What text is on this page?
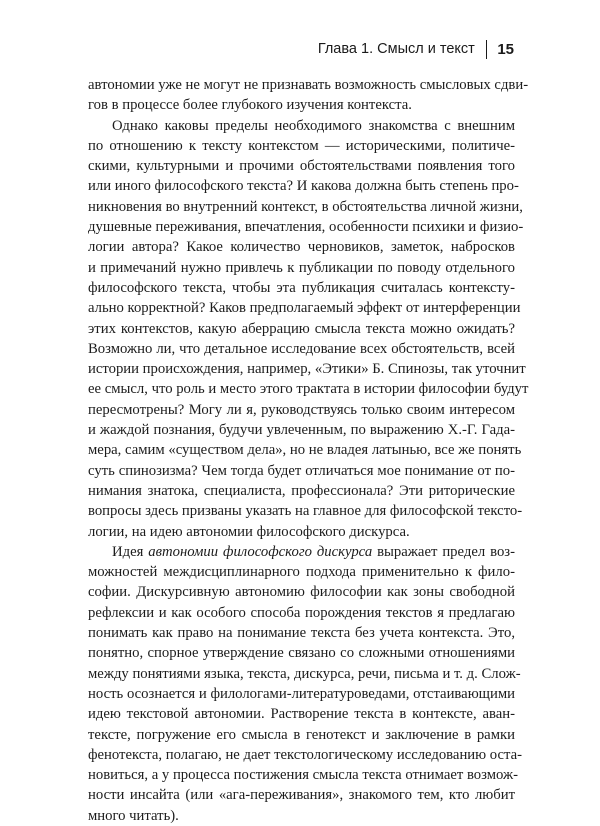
Глава 1. Смысл и текст 15

автономии уже не могут не признавать возможность смысловых сдви-
гов в процессе более глубокого изучения контекста.

Однако каковы пределы необходимого знакомства с внешним
по отношению к тексту контекстом — историческими, политиче-
скими, культурными и прочими обстоятельствами появления того
или иного философского текста? И какова должна быть степень про-
никновения во внутренний контекст, в обстоятельства личной жизни,
душевные переживания, впечатления, особенности психики и физио-
логии автора? Какое количество черновиков, заметок, набросков
и примечаний нужно привлечь к публикации по поводу отдельного
философского текста, чтобы эта публикация считалась контексту-
ально корректной? Каков предполагаемый эффект от интерференции
этих контекстов, какую аберрацию смысла текста можно ожидать?
Возможно ли, что детальное исследование всех обстоятельств, всей
истории происхождения, например, «Этики» Б. Спинозы, так уточнит
ее смысл, что роль и место этого трактата в истории философии будут
пересмотрены? Могу ли я, руководствуясь только своим интересом
и жаждой познания, будучи увлеченным, по выражению Х.-Г. Гада-
мера, самим «существом дела», но не владея латынью, все же понять
суть спинозизма? Чем тогда будет отличаться мое понимание от по-
нимания знатока, специалиста, профессионала? Эти риторические
вопросы здесь призваны указать на главное для философской тексто-
логии, на идею автономии философского дискурса.

Идея автономии философского дискурса выражает предел воз-
можностей междисциплинарного подхода применительно к фило-
софии. Дискурсивную автономию философии как зоны свободной
рефлексии и как особого способа порождения текстов я предлагаю
понимать как право на понимание текста без учета контекста. Это,
понятно, спорное утверждение связано со сложными отношениями
между понятиями языка, текста, дискурса, речи, письма и т. д. Слож-
ность осознается и филологами-литературоведами, отстаивающими
идею текстовой автономии. Растворение текста в контексте, аван-
текстe, погружение его смысла в генотекст и заключение в рамки
фенотекста, полагаю, не дает текстологическому исследованию оста-
новиться, а у процесса постижения смысла текста отнимает возмож-
ности инсайта (или «ага-переживания», знакомого тем, кто любит
много читать).
